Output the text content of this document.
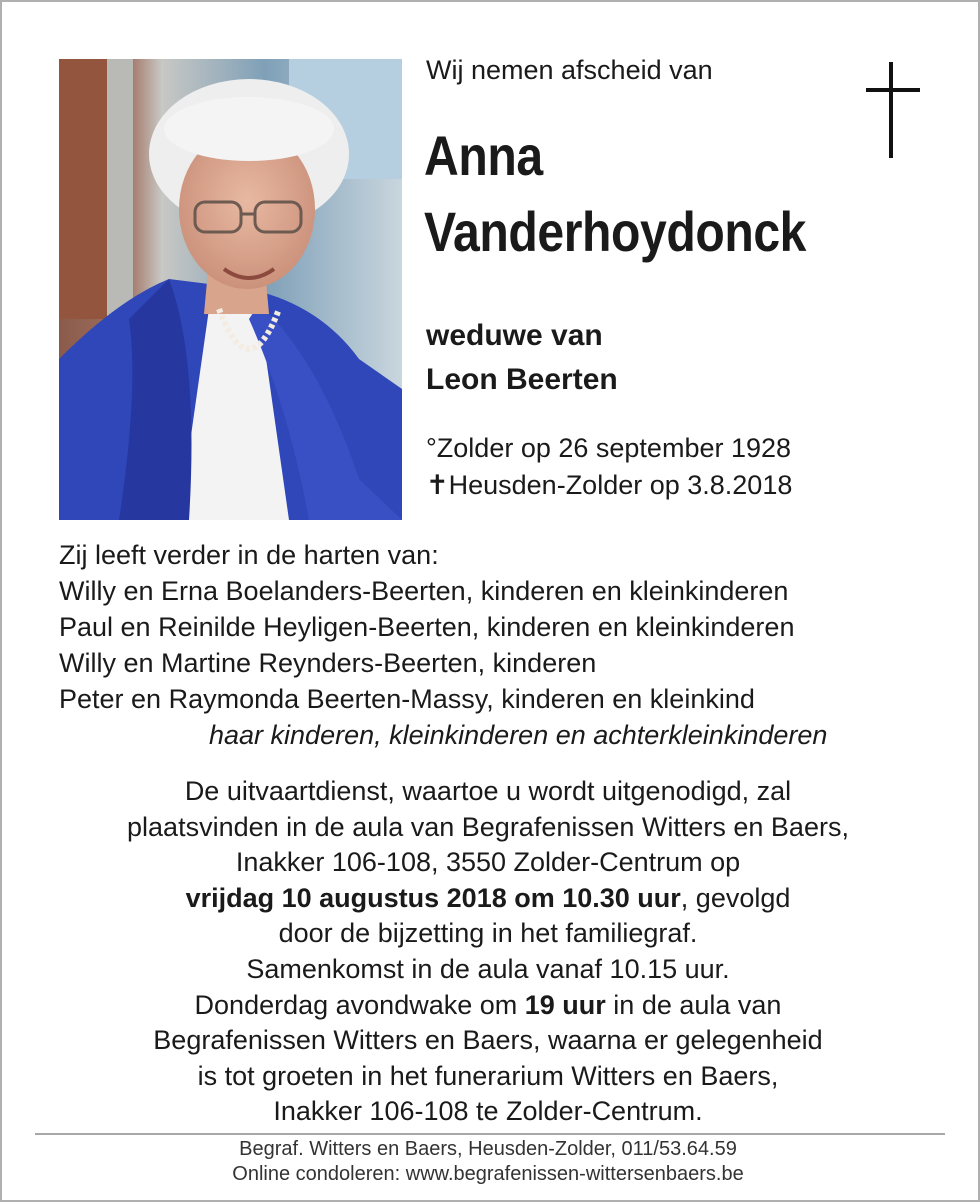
Wij nemen afscheid van
Anna
Vanderhoydonck
weduwe van
Leon Beerten
°Zolder op 26 september 1928
✝Heusden-Zolder op 3.8.2018
Zij leeft verder in de harten van:
Willy en Erna Boelanders-Beerten, kinderen en kleinkinderen
Paul en Reinilde Heyligen-Beerten, kinderen en kleinkinderen
Willy en Martine Reynders-Beerten, kinderen
Peter en Raymonda Beerten-Massy, kinderen en kleinkind
haar kinderen, kleinkinderen en achterkleinkinderen
De uitvaartdienst, waartoe u wordt uitgenodigd, zal
plaatsvinden in de aula van Begrafenissen Witters en Baers,
Inakker 106-108, 3550 Zolder-Centrum op
vrijdag 10 augustus 2018 om 10.30 uur, gevolgd
door de bijzetting in het familiegraf.
Samenkomst in de aula vanaf 10.15 uur.
Donderdag avondwake om 19 uur in de aula van
Begrafenissen Witters en Baers, waarna er gelegenheid
is tot groeten in het funerarium Witters en Baers,
Inakker 106-108 te Zolder-Centrum.
Begraf. Witters en Baers, Heusden-Zolder, 011/53.64.59
Online condoleren: www.begrafenissen-wittersenbaers.be
